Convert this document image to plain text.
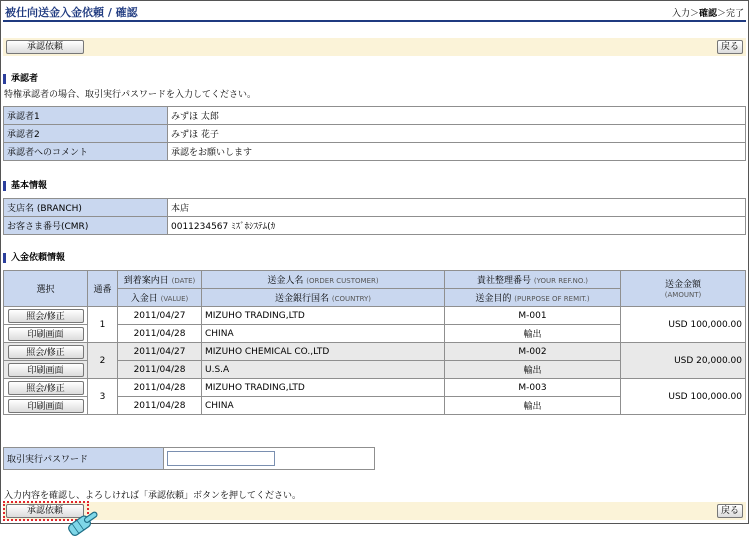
被仕向送金入金依頼 / 確認	入力＞確認＞完了
承認依頼	戻る
承認者
特権承認者の場合、取引実行パスワードを入力してください。
承認者1	みずほ 太郎
承認者2	みずほ 花子
承認者へのコメント	承認をお願いします
基本情報
支店名 (BRANCH)	本店
お客さま番号(CMR)	0011234567 ﾐｽﾞﾎｼｽﾃﾑ(ｶ
入金依頼情報
選択	通番	到着案内日 (DATE)	送金人名 (ORDER CUSTOMER)	貴社整理番号 (YOUR REF.NO.)	送金金額
(AMOUNT)
		入金日 (VALUE)	送金銀行国名 (COUNTRY)	送金目的 (PURPOSE OF REMIT.)	

照会/修正	1	2011/04/27	MIZUHO TRADING,LTD	M-001	USD 100,000.00

印刷画面		2011/04/28	CHINA	輸出	

照会/修正	2	2011/04/27	MIZUHO CHEMICAL CO.,LTD	M-002	USD 20,000.00

印刷画面		2011/04/28	U.S.A	輸出	

照会/修正	3	2011/04/28	MIZUHO TRADING,LTD	M-003	USD 100,000.00

印刷画面		2011/04/28	CHINA	輸出	
取引実行パスワード	
入力内容を確認し、よろしければ「承認依頼」ボタンを押してください。
承認依頼	戻る
